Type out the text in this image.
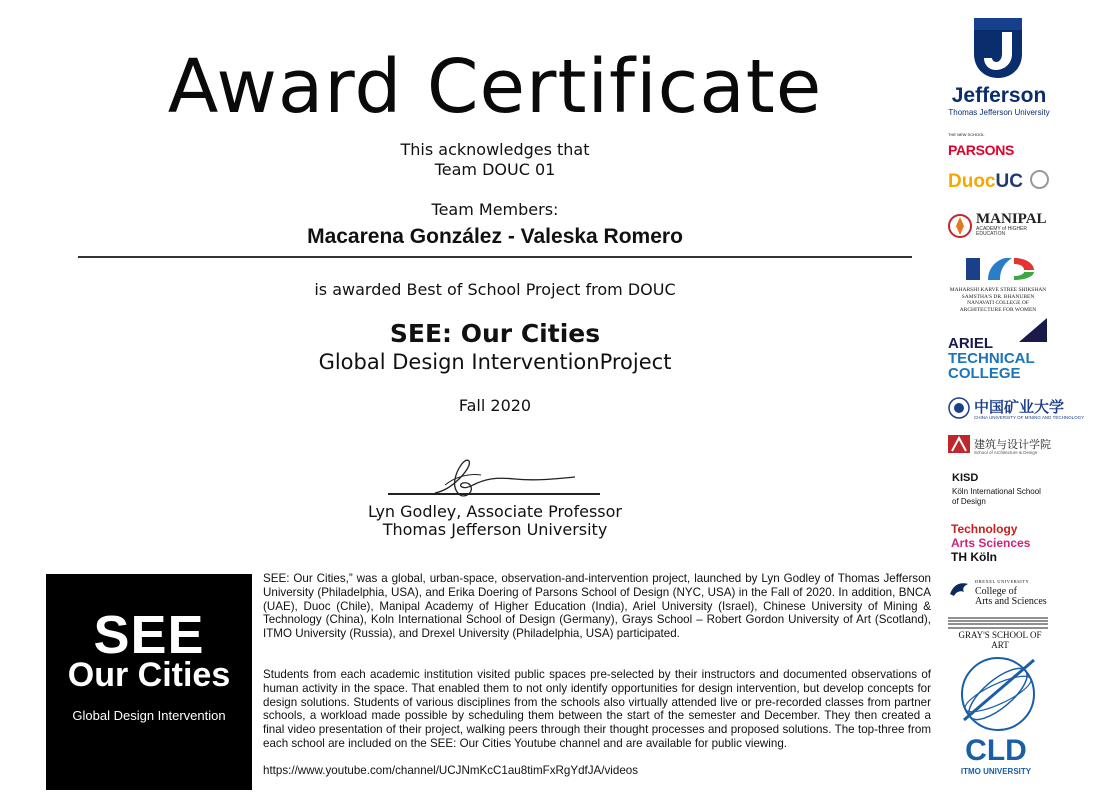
Award Certificate
This acknowledges that
Team DOUC 01
Team Members:
Macarena González - Valeska Romero
is awarded Best of School Project from DOUC
SEE: Our Cities
Global Design InterventionProject
Fall 2020
Lyn Godley, Associate Professor
Thomas Jefferson University
SEE
Our Cities
Global Design Intervention
SEE: Our Cities,” was a global, urban-space, observation-and-intervention project, launched by Lyn Godley of Thomas Jefferson University (Philadelphia, USA), and Erika Doering of Parsons School of Design (NYC, USA) in the Fall of 2020. In addition, BNCA (UAE), Duoc (Chile), Manipal Academy of Higher Education (India), Ariel University (Israel), Chinese University of Mining & Technology (China), Koln International School of Design (Germany), Grays School – Robert Gordon University of Art (Scotland), ITMO University (Russia), and Drexel University (Philadelphia, USA) participated.
Students from each academic institution visited public spaces pre-selected by their instructors and documented observations of human activity in the space. That enabled them to not only identify opportunities for design intervention, but develop concepts for design solutions. Students of various disciplines from the schools also virtually attended live or pre-recorded classes from partner schools, a workload made possible by scheduling them between the start of the semester and December. They then created a final video presentation of their project, walking peers through their thought processes and proposed solutions. The top-three from each school are included on the SEE: Our Cities Youtube channel and are available for public viewing.
https://www.youtube.com/channel/UCJNmKcC1au8timFxRgYdfJA/videos
Jefferson
Thomas Jefferson University
THE NEW SCHOOL
PARSONS
DuocUC
MANIPAL
ACADEMY of HIGHER EDUCATION
MAHARSHI KARVE STREE SHIKSHAN SAMSTHA'S DR. BHANUBEN NANAVATI COLLEGE OF ARCHITECTURE FOR WOMEN
ARIEL
TECHNICAL
COLLEGE
中国矿业大学
CHINA UNIVERSITY OF MINING AND TECHNOLOGY
建筑与设计学院
School of Architecture & Design
KISD
Köln International School
of Design
Technology
Arts Sciences
TH Köln
DREXEL UNIVERSITY
College of
Arts and Sciences
GRAY'S SCHOOL OF ART
CLD
ITMO UNIVERSITY
